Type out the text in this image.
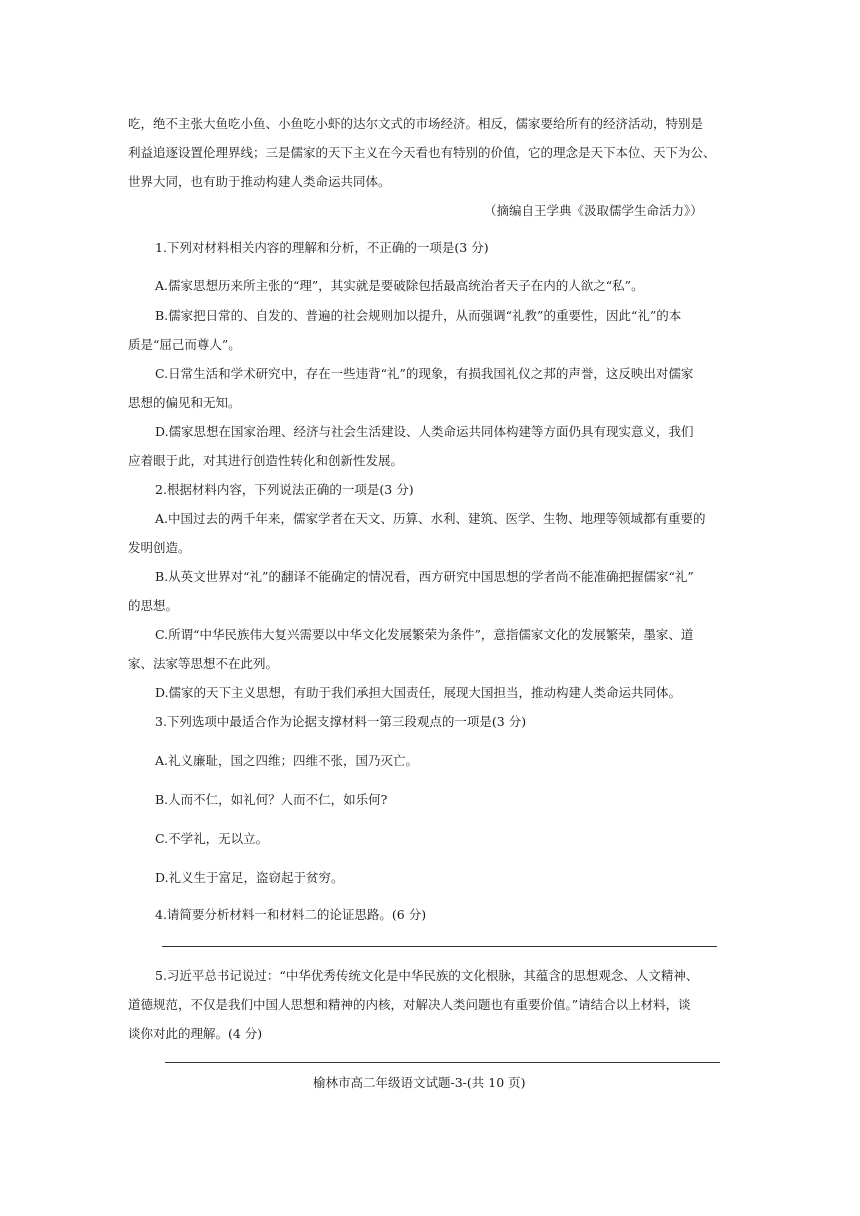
吃，绝不主张大鱼吃小鱼、小鱼吃小虾的达尔文式的市场经济。相反，儒家要给所有的经济活动，特别是
利益追逐设置伦理界线；三是儒家的天下主义在今天看也有特别的价值，它的理念是天下本位、天下为公、
世界大同，也有助于推动构建人类命运共同体。
（摘编自王学典《汲取儒学生命活力》）
1.下列对材料相关内容的理解和分析，不正确的一项是(3 分)
A.儒家思想历来所主张的“理”，其实就是要破除包括最高统治者天子在内的人欲之“私”。
B.儒家把日常的、自发的、普遍的社会规则加以提升，从而强调“礼教”的重要性，因此“礼”的本
质是“屈己而尊人”。
C.日常生活和学术研究中，存在一些违背“礼”的现象，有损我国礼仪之邦的声誉，这反映出对儒家
思想的偏见和无知。
D.儒家思想在国家治理、经济与社会生活建设、人类命运共同体构建等方面仍具有现实意义，我们
应着眼于此，对其进行创造性转化和创新性发展。
2.根据材料内容，下列说法正确的一项是(3 分)
A.中国过去的两千年来，儒家学者在天文、历算、水利、建筑、医学、生物、地理等领域都有重要的
发明创造。
B.从英文世界对“礼”的翻译不能确定的情况看，西方研究中国思想的学者尚不能准确把握儒家“礼”
的思想。
C.所谓“中华民族伟大复兴需要以中华文化发展繁荣为条件”，意指儒家文化的发展繁荣，墨家、道
家、法家等思想不在此列。
D.儒家的天下主义思想，有助于我们承担大国责任，展现大国担当，推动构建人类命运共同体。
3.下列选项中最适合作为论据支撑材料一第三段观点的一项是(3 分)
A.礼义廉耻，国之四维；四维不张，国乃灭亡。
B.人而不仁，如礼何？人而不仁，如乐何?
C.不学礼，无以立。
D.礼义生于富足，盗窃起于贫穷。
4.请简要分析材料一和材料二的论证思路。(6 分)
5.习近平总书记说过：“中华优秀传统文化是中华民族的文化根脉，其蕴含的思想观念、人文精神、
道德规范，不仅是我们中国人思想和精神的内核，对解决人类问题也有重要价值。”请结合以上材料，谈
谈你对此的理解。(4 分)
榆林市高二年级语文试题-3-(共 10 页)
